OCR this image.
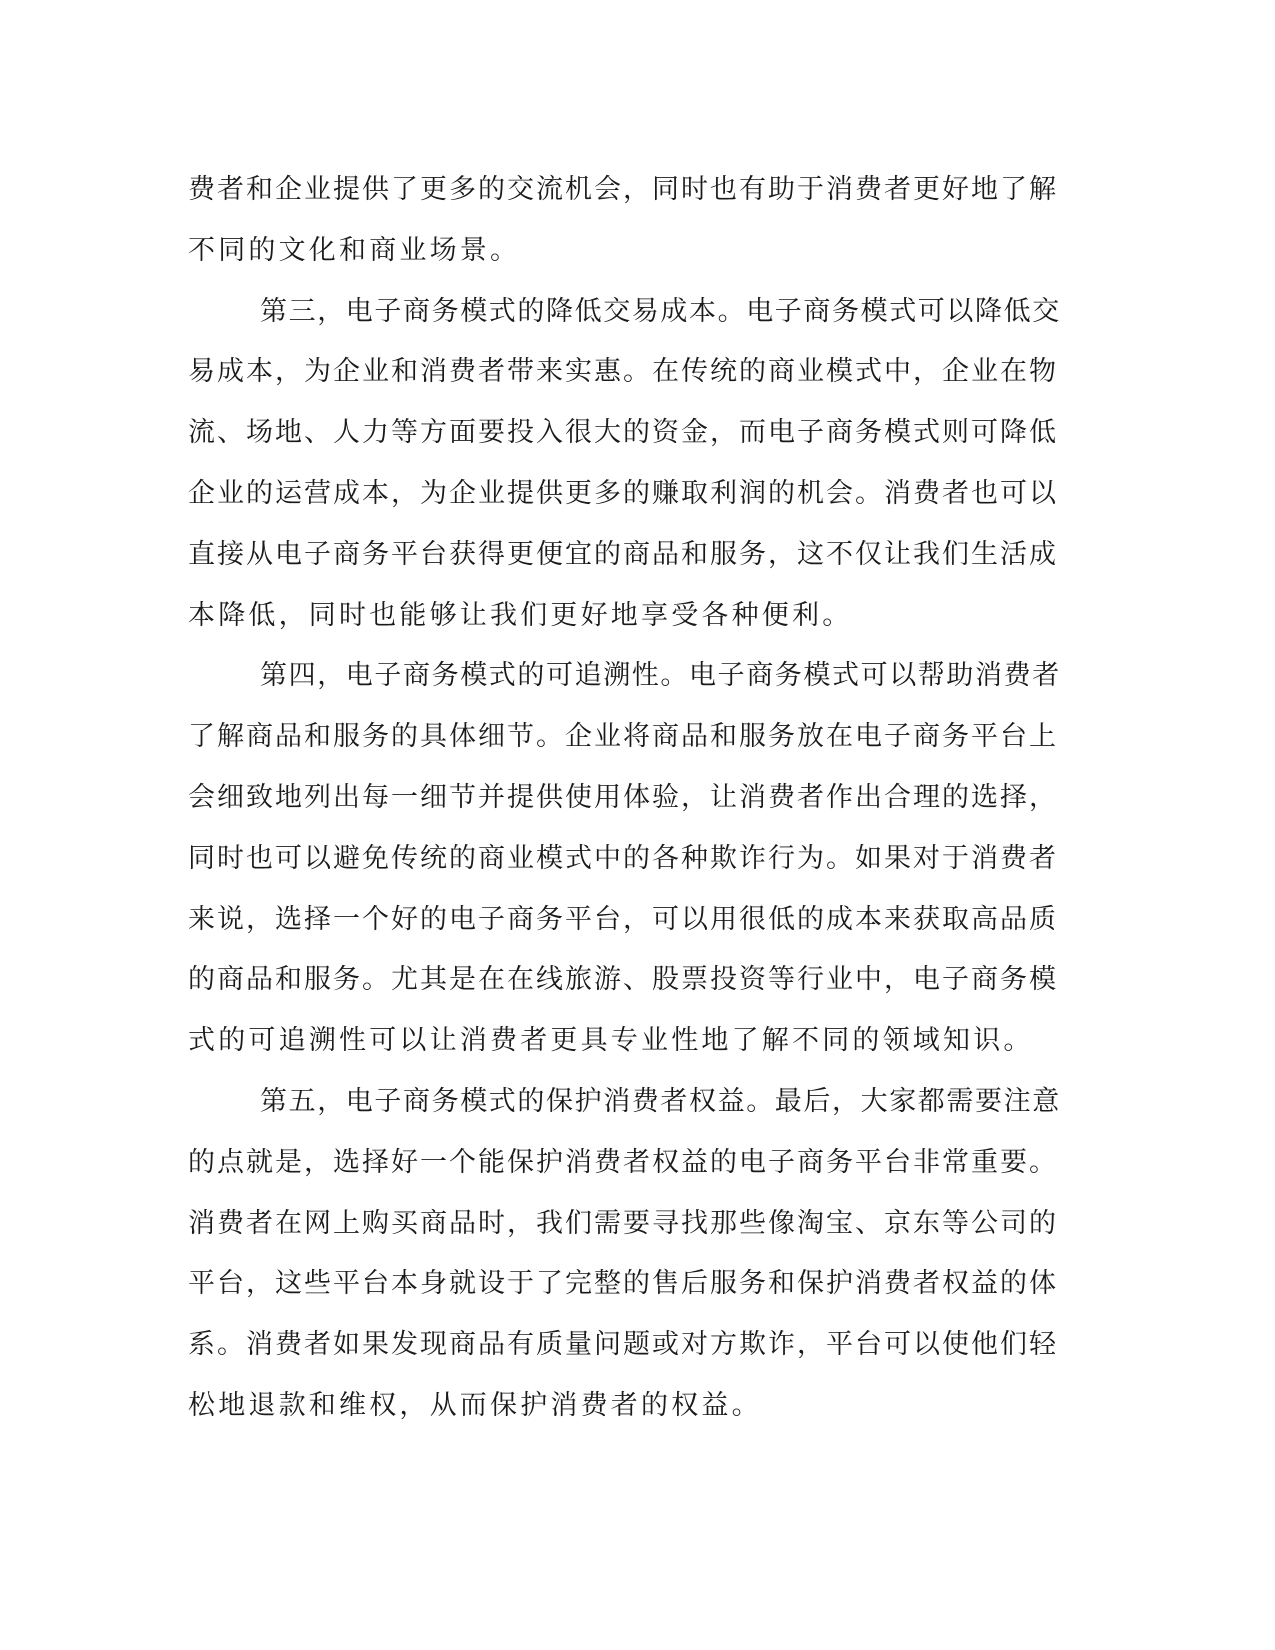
费者和企业提供了更多的交流机会，同时也有助于消费者更好地了解
不同的文化和商业场景。
第三，电子商务模式的降低交易成本。电子商务模式可以降低交
易成本，为企业和消费者带来实惠。在传统的商业模式中，企业在物
流、场地、人力等方面要投入很大的资金，而电子商务模式则可降低
企业的运营成本，为企业提供更多的赚取利润的机会。消费者也可以
直接从电子商务平台获得更便宜的商品和服务，这不仅让我们生活成
本降低，同时也能够让我们更好地享受各种便利。
第四，电子商务模式的可追溯性。电子商务模式可以帮助消费者
了解商品和服务的具体细节。企业将商品和服务放在电子商务平台上
会细致地列出每一细节并提供使用体验，让消费者作出合理的选择，
同时也可以避免传统的商业模式中的各种欺诈行为。如果对于消费者
来说，选择一个好的电子商务平台，可以用很低的成本来获取高品质
的商品和服务。尤其是在在线旅游、股票投资等行业中，电子商务模
式的可追溯性可以让消费者更具专业性地了解不同的领域知识。
第五，电子商务模式的保护消费者权益。最后，大家都需要注意
的点就是，选择好一个能保护消费者权益的电子商务平台非常重要。
消费者在网上购买商品时，我们需要寻找那些像淘宝、京东等公司的
平台，这些平台本身就设于了完整的售后服务和保护消费者权益的体
系。消费者如果发现商品有质量问题或对方欺诈，平台可以使他们轻
松地退款和维权，从而保护消费者的权益。
